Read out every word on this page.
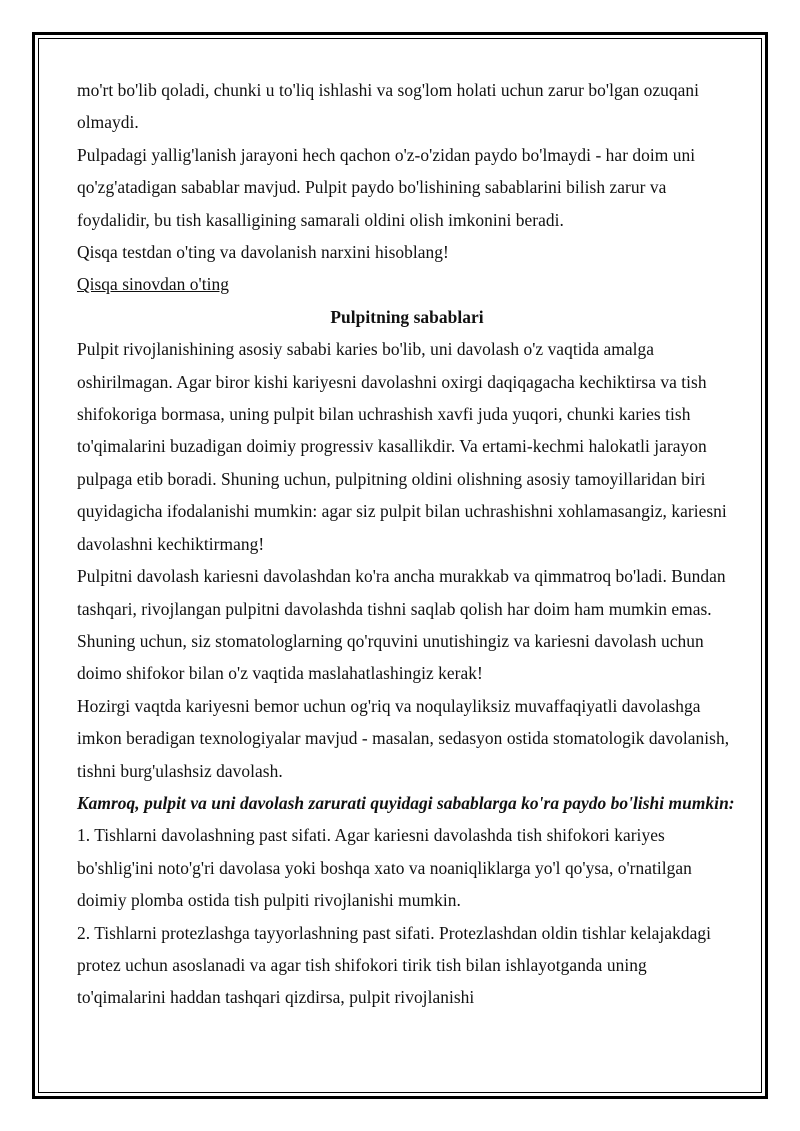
mo'rt bo'lib qoladi, chunki u to'liq ishlashi va sog'lom holati uchun zarur bo'lgan ozuqani olmaydi.

Pulpadagi yallig'lanish jarayoni hech qachon o'z-o'zidan paydo bo'lmaydi - har doim uni qo'zg'atadigan sabablar mavjud. Pulpit paydo bo'lishining sabablarini bilish zarur va foydalidir, bu tish kasalligining samarali oldini olish imkonini beradi.

Qisqa testdan o'ting va davolanish narxini hisoblang!

Qisqa sinovdan o'ting

Pulpitning sabablari

Pulpit rivojlanishining asosiy sababi karies bo'lib, uni davolash o'z vaqtida amalga oshirilmagan. Agar biror kishi kariyesni davolashni oxirgi daqiqagacha kechiktirsa va tish shifokoriga bormasa, uning pulpit bilan uchrashish xavfi juda yuqori, chunki karies tish to'qimalarini buzadigan doimiy progressiv kasallikdir. Va ertami-kechmi halokatli jarayon pulpaga etib boradi. Shuning uchun, pulpitning oldini olishning asosiy tamoyillaridan biri quyidagicha ifodalanishi mumkin: agar siz pulpit bilan uchrashishni xohlamasangiz, kariesni davolashni kechiktirmang!

Pulpitni davolash kariesni davolashdan ko'ra ancha murakkab va qimmatroq bo'ladi. Bundan tashqari, rivojlangan pulpitni davolashda tishni saqlab qolish har doim ham mumkin emas. Shuning uchun, siz stomatologlarning qo'rquvini unutishingiz va kariesni davolash uchun doimo shifokor bilan o'z vaqtida maslahatlashingiz kerak!

Hozirgi vaqtda kariyesni bemor uchun og'riq va noqulayliksiz muvaffaqiyatli davolashga imkon beradigan texnologiyalar mavjud - masalan, sedasyon ostida stomatologik davolanish, tishni burg'ulashsiz davolash.

Kamroq, pulpit va uni davolash zarurati quyidagi sabablarga ko'ra paydo bo'lishi mumkin:

1. Tishlarni davolashning past sifati. Agar kariesni davolashda tish shifokori kariyes bo'shlig'ini noto'g'ri davolasa yoki boshqa xato va noaniqliklarga yo'l qo'ysa, o'rnatilgan doimiy plomba ostida tish pulpiti rivojlanishi mumkin.

2. Tishlarni protezlashga tayyorlashning past sifati. Protezlashdan oldin tishlar kelajakdagi protez uchun asoslanadi va agar tish shifokori tirik tish bilan ishlayotganda uning to'qimalarini haddan tashqari qizdirsa, pulpit rivojlanishi
